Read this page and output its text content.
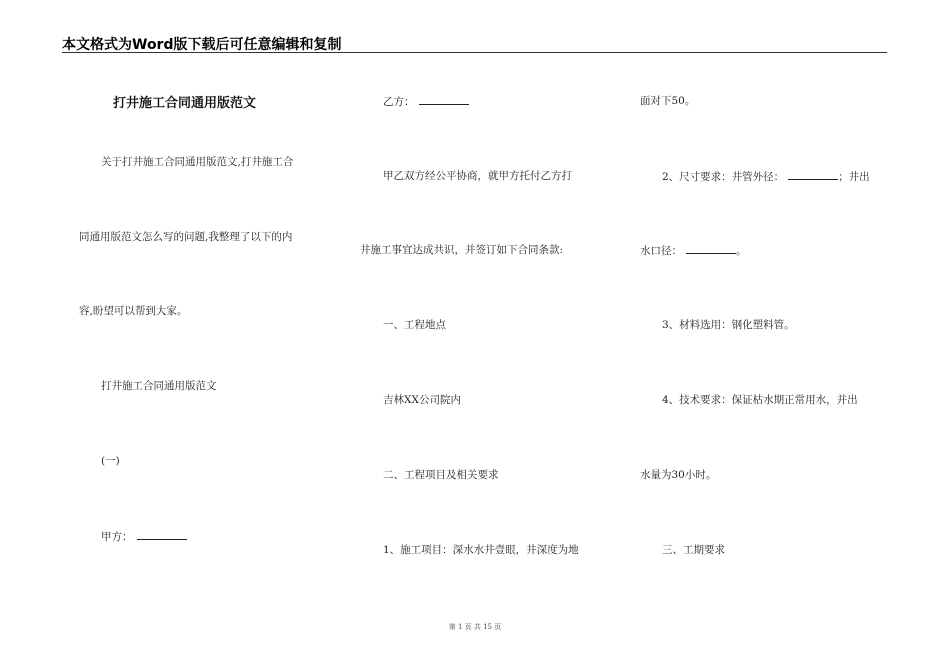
本文格式为Word版下载后可任意编辑和复制
打井施工合同通用版范文
关于打井施工合同通用版范文,打井施工合
同通用版范文怎么写的问题,我整理了以下的内
容,盼望可以帮到大家。
打井施工合同通用版范文
(一)
甲方：
乙方：
甲乙双方经公平协商，就甲方托付乙方打
井施工事宜达成共识，并签订如下合同条款:
一、工程地点
吉林XX公司院内
二、工程项目及相关要求
1、施工项目：深水水井壹眼，井深度为地
面对下50。
2、尺寸要求：井管外径：	；井出
水口径：	。
3、材料选用：钢化塑料管。
4、技术要求：保证枯水期正常用水，并出
水量为30小时。
三、工期要求
第 1 页 共 15 页
